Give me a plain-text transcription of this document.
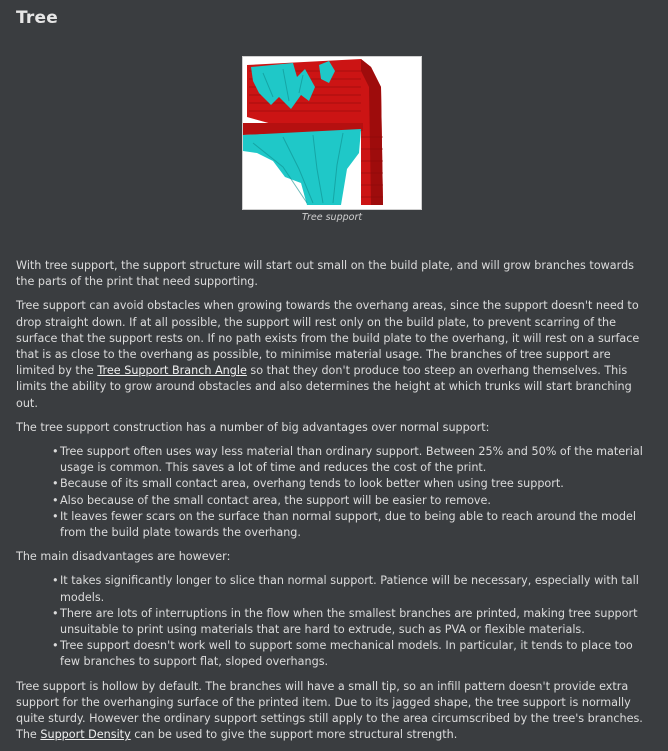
Tree
Tree support

With tree support, the support structure will start out small on the build plate, and will grow branches towards the parts of the print that need supporting.

Tree support can avoid obstacles when growing towards the overhang areas, since the support doesn't need to drop straight down. If at all possible, the support will rest only on the build plate, to prevent scarring of the surface that the support rests on. If no path exists from the build plate to the overhang, it will rest on a surface that is as close to the overhang as possible, to minimise material usage. The branches of tree support are limited by the Tree Support Branch Angle so that they don't produce too steep an overhang themselves. This limits the ability to grow around obstacles and also determines the height at which trunks will start branching out.

The tree support construction has a number of big advantages over normal support:

• Tree support often uses way less material than ordinary support. Between 25% and 50% of the material usage is common. This saves a lot of time and reduces the cost of the print.
• Because of its small contact area, overhang tends to look better when using tree support.
• Also because of the small contact area, the support will be easier to remove.
• It leaves fewer scars on the surface than normal support, due to being able to reach around the model from the build plate towards the overhang.

The main disadvantages are however:

• It takes significantly longer to slice than normal support. Patience will be necessary, especially with tall models.
• There are lots of interruptions in the flow when the smallest branches are printed, making tree support unsuitable to print using materials that are hard to extrude, such as PVA or flexible materials.
• Tree support doesn't work well to support some mechanical models. In particular, it tends to place too few branches to support flat, sloped overhangs.

Tree support is hollow by default. The branches will have a small tip, so an infill pattern doesn't provide extra support for the overhanging surface of the printed item. Due to its jagged shape, the tree support is normally quite sturdy. However the ordinary support settings still apply to the area circumscribed by the tree's branches. The Support Density can be used to give the support more structural strength.
